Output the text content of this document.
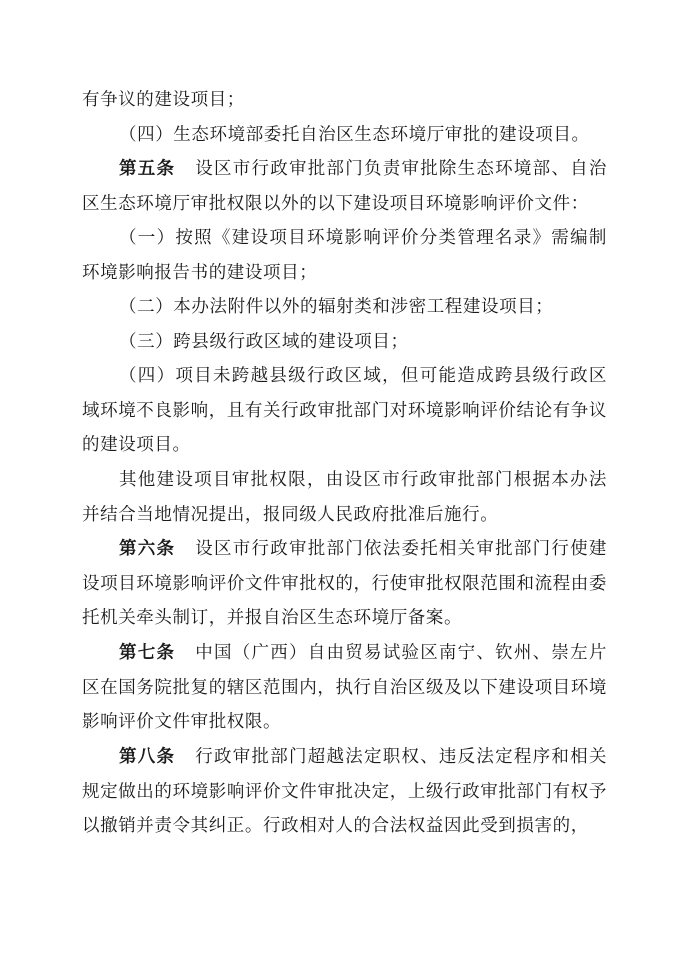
有争议的建设项目；

（四）生态环境部委托自治区生态环境厅审批的建设项目。

第五条 设区市行政审批部门负责审批除生态环境部、自治区生态环境厅审批权限以外的以下建设项目环境影响评价文件：

（一）按照《建设项目环境影响评价分类管理名录》需编制环境影响报告书的建设项目；

（二）本办法附件以外的辐射类和涉密工程建设项目；

（三）跨县级行政区域的建设项目；

（四）项目未跨越县级行政区域，但可能造成跨县级行政区域环境不良影响，且有关行政审批部门对环境影响评价结论有争议的建设项目。

其他建设项目审批权限，由设区市行政审批部门根据本办法并结合当地情况提出，报同级人民政府批准后施行。

第六条 设区市行政审批部门依法委托相关审批部门行使建设项目环境影响评价文件审批权的，行使审批权限范围和流程由委托机关牵头制订，并报自治区生态环境厅备案。

第七条 中国（广西）自由贸易试验区南宁、钦州、崇左片区在国务院批复的辖区范围内，执行自治区级及以下建设项目环境影响评价文件审批权限。

第八条 行政审批部门超越法定职权、违反法定程序和相关规定做出的环境影响评价文件审批决定，上级行政审批部门有权予以撤销并责令其纠正。行政相对人的合法权益因此受到损害的，
